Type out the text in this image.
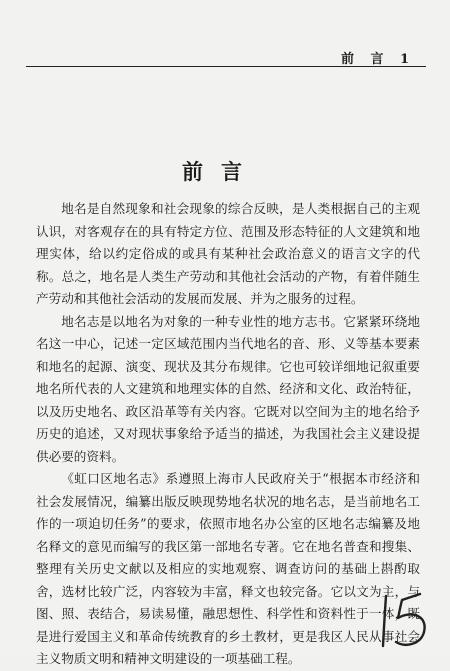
前 言 1
前言

地名是自然现象和社会现象的综合反映，是人类根据自己的主观认识，对客观存在的具有特定方位、范围及形态特征的人文建筑和地理实体，给以约定俗成的或具有某种社会政治意义的语言文字的代称。总之，地名是人类生产劳动和其他社会活动的产物，有着伴随生产劳动和其他社会活动的发展而发展、并为之服务的过程。

地名志是以地名为对象的一种专业性的地方志书。它紧紧环绕地名这一中心，记述一定区域范围内当代地名的音、形、义等基本要素和地名的起源、演变、现状及其分布规律。它也可较详细地记叙重要地名所代表的人文建筑和地理实体的自然、经济和文化、政治特征，以及历史地名、政区沿革等有关内容。它既对以空间为主的地名给予历史的追述，又对现状事象给予适当的描述，为我国社会主义建设提供必要的资料。

《虹口区地名志》系遵照上海市人民政府关于“根据本市经济和社会发展情况，编纂出版反映现势地名状况的地名志，是当前地名工作的一项迫切任务”的要求，依照市地名办公室的区地名志编纂及地名释文的意见而编写的我区第一部地名专著。它在地名普查和搜集、整理有关历史文献以及相应的实地观察、调查访问的基础上斟酌取舍，选材比较广泛，内容较为丰富，释文也较完备。它以文为主，与图、照、表结合，易读易懂，融思想性、科学性和资料性于一体，既是进行爱国主义和革命传统教育的乡土教材，更是我区人民从事社会主义物质文明和精神文明建设的一项基础工程。
